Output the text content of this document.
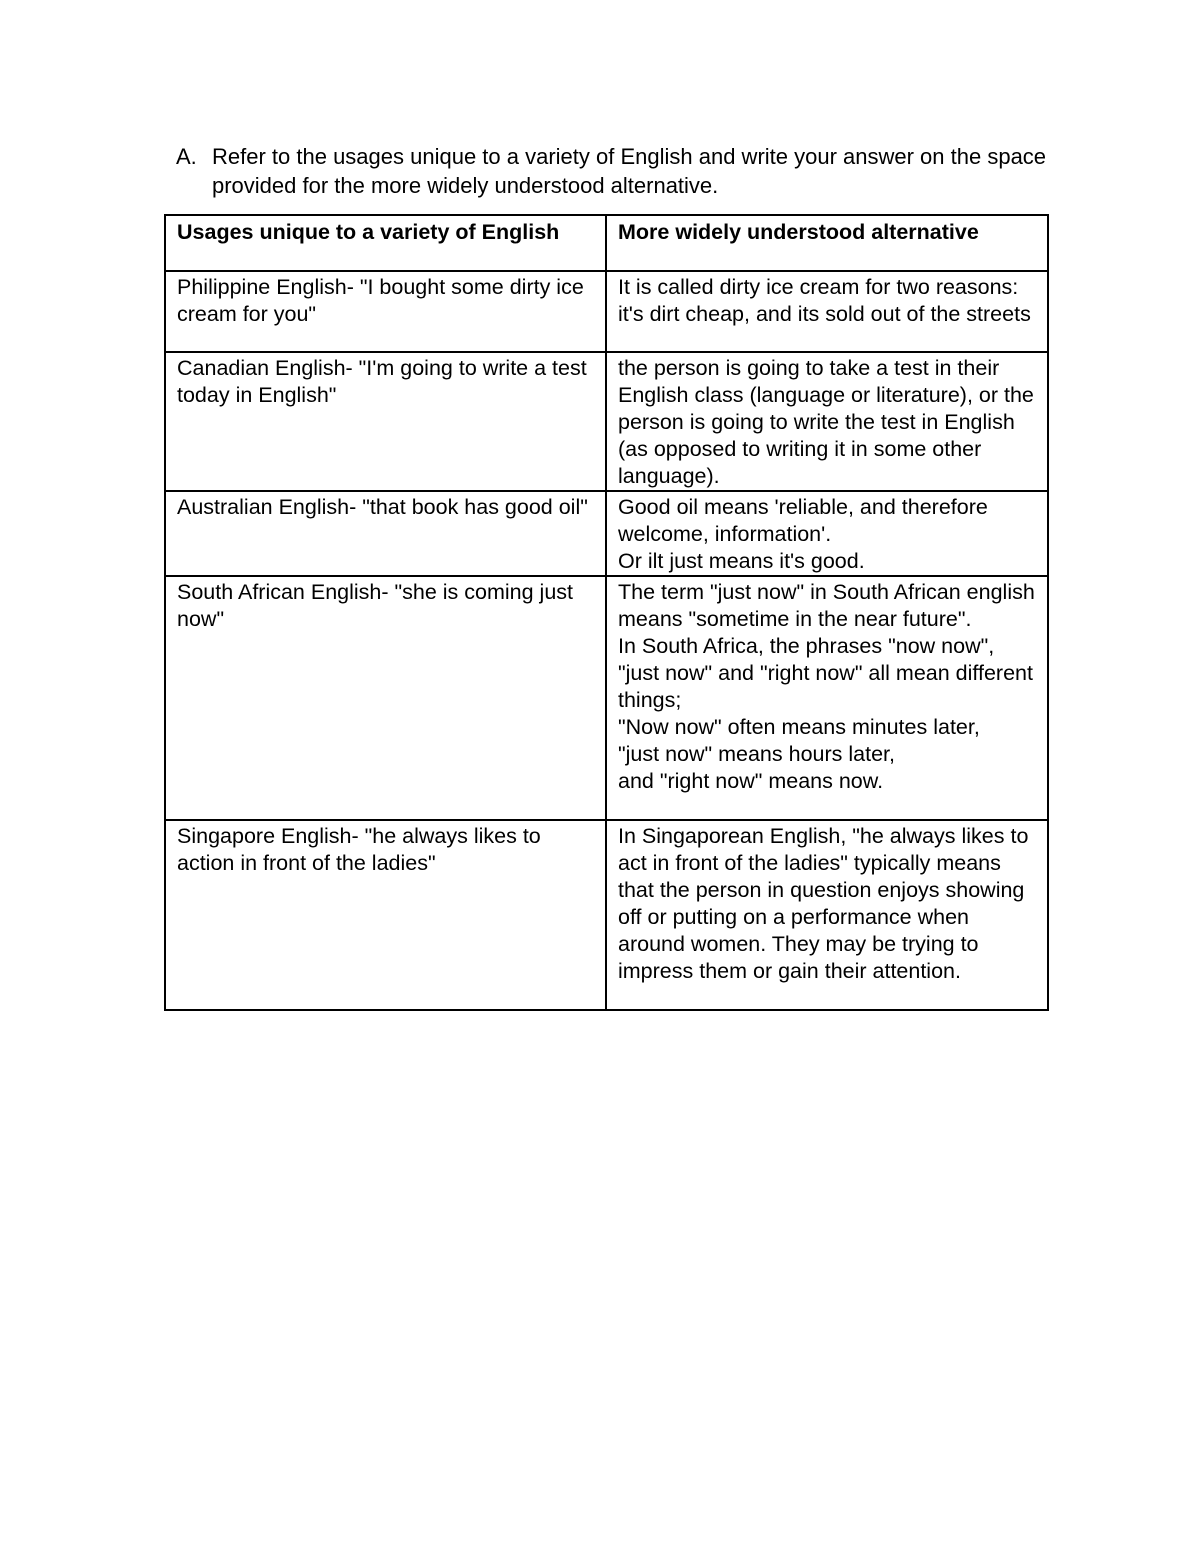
A. Refer to the usages unique to a variety of English and write your answer on the space provided for the more widely understood alternative.
Usages unique to a variety of English	More widely understood alternative
Philippine English- "I bought some dirty ice cream for you"	It is called dirty ice cream for two reasons: it's dirt cheap, and its sold out of the streets

Canadian English- "I'm going to write a test today in English"	the person is going to take a test in their English class (language or literature), or the person is going to write the test in English (as opposed to writing it in some other language).

Australian English- "that book has good oil"	Good oil means 'reliable, and therefore welcome, information'.
Or ilt just means it's good.

South African English- "she is coming just now"	The term "just now" in South African english means "sometime in the near future".
In South Africa, the phrases "now now", "just now" and "right now" all mean different things;
"Now now" often means minutes later,
"just now" means hours later,
and "right now" means now.

Singapore English- "he always likes to action in front of the ladies"	In Singaporean English, "he always likes to act in front of the ladies" typically means that the person in question enjoys showing off or putting on a performance when around women. They may be trying to impress them or gain their attention.
